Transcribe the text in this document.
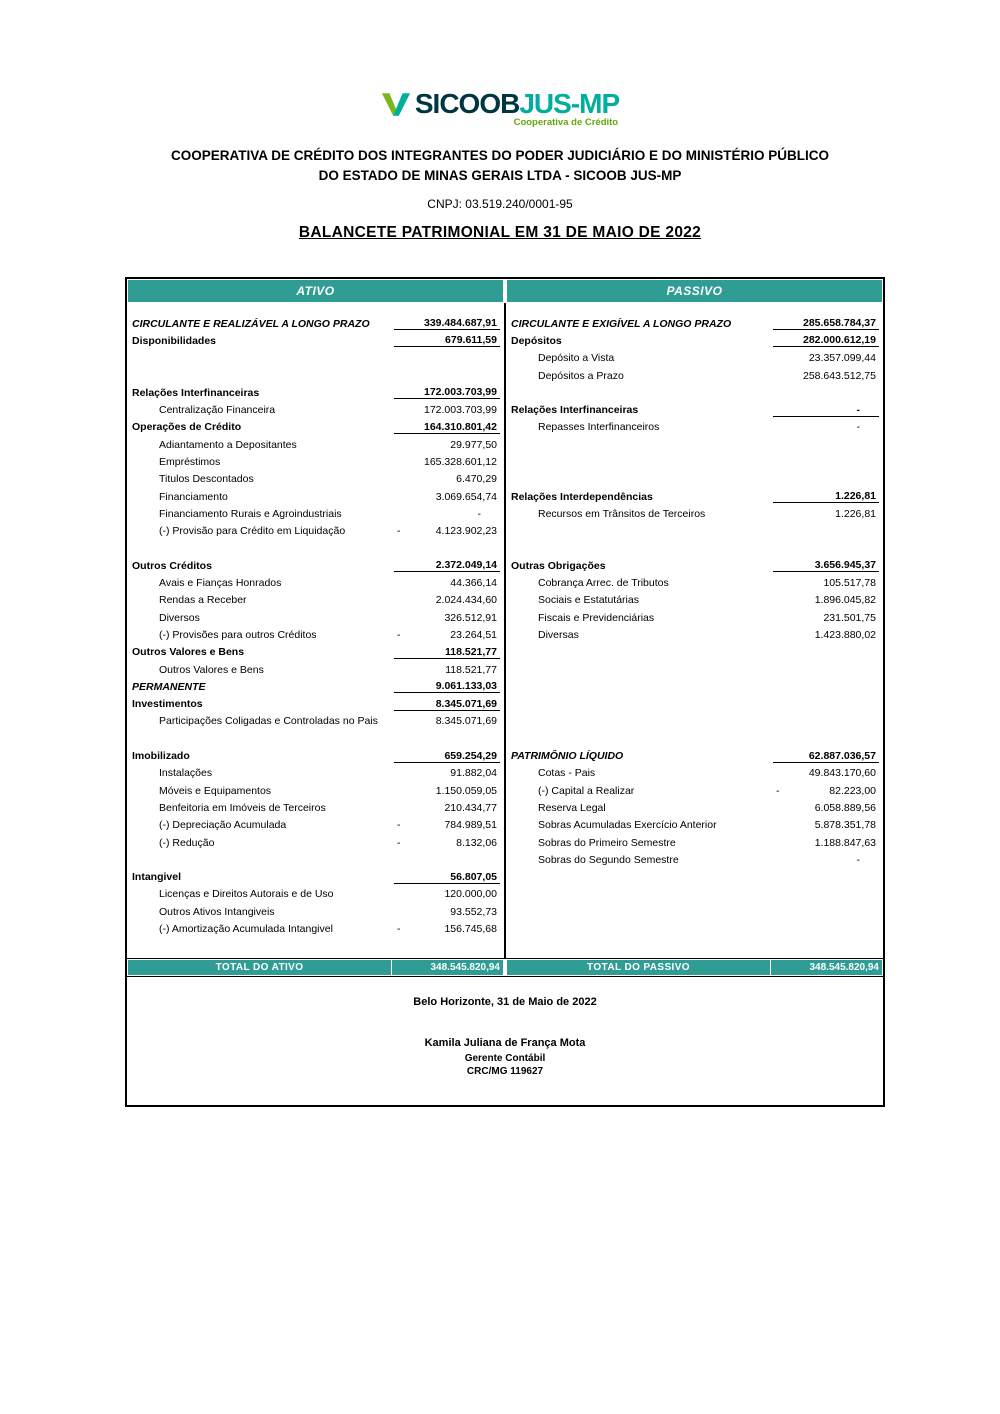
SICOOB JUS-MP
Cooperativa de Crédito
COOPERATIVA DE CRÉDITO DOS INTEGRANTES DO PODER JUDICIÁRIO E DO MINISTÉRIO PÚBLICO
DO ESTADO DE MINAS GERAIS LTDA - SICOOB JUS-MP
CNPJ: 03.519.240/0001-95
BALANCETE PATRIMONIAL EM 31 DE MAIO DE 2022
ATIVO	PASSIVO
CIRCULANTE E REALIZÁVEL A LONGO PRAZO	339.484.687,91
Disponibilidades	679.611,59
Relações Interfinanceiras	172.003.703,99
Centralização Financeira	172.003.703,99
Operações de Crédito	164.310.801,42
Adiantamento a Depositantes	29.977,50
Empréstimos	165.328.601,12
Titulos Descontados	6.470,29
Financiamento	3.069.654,74
Financiamento Rurais e Agroindustriais	-
(-) Provisão para Crédito em Liquidação	-	4.123.902,23
Outros Créditos	2.372.049,14
Avais e Fianças Honrados	44.366,14
Rendas a Receber	2.024.434,60
Diversos	326.512,91
(-) Provisões para outros Créditos	-	23.264,51
Outros Valores e Bens	118.521,77
Outros Valores e Bens	118.521,77
PERMANENTE	9.061.133,03
Investimentos	8.345.071,69
Participações Coligadas e Controladas no Pais	8.345.071,69
Imobilizado	659.254,29
Instalações	91.882,04
Móveis e Equipamentos	1.150.059,05
Benfeitoria em Imóveis de Terceiros	210.434,77
(-) Depreciação Acumulada	-	784.989,51
(-) Redução	-	8.132,06
Intangivel	56.807,05
Licenças e Direitos Autorais e de Uso	120.000,00
Outros Ativos Intangiveis	93.552,73
(-) Amortização Acumulada Intangivel	-	156.745,68
CIRCULANTE E EXIGÍVEL A LONGO PRAZO	285.658.784,37
Depósitos	282.000.612,19
Depósito a Vista	23.357.099,44
Depósitos a Prazo	258.643.512,75
Relações Interfinanceiras	-
Repasses Interfinanceiros	-
Relações Interdependências	1.226,81
Recursos em Trânsitos de Terceiros	1.226,81
Outras Obrigações	3.656.945,37
Cobrança Arrec. de Tributos	105.517,78
Sociais e Estatutárias	1.896.045,82
Fiscais e Previdenciárias	231.501,75
Diversas	1.423.880,02
PATRIMÔNIO LÍQUIDO	62.887.036,57
Cotas - Pais	49.843.170,60
(-) Capital a Realizar	-	82.223,00
Reserva Legal	6.058.889,56
Sobras Acumuladas Exercício Anterior	5.878.351,78
Sobras do Primeiro Semestre	1.188.847,63
Sobras do Segundo Semestre	-
TOTAL DO ATIVO	348.545.820,94	TOTAL DO PASSIVO	348.545.820,94
Belo Horizonte, 31 de Maio de 2022
Kamila Juliana de França Mota
Gerente Contábil
CRC/MG 119627
